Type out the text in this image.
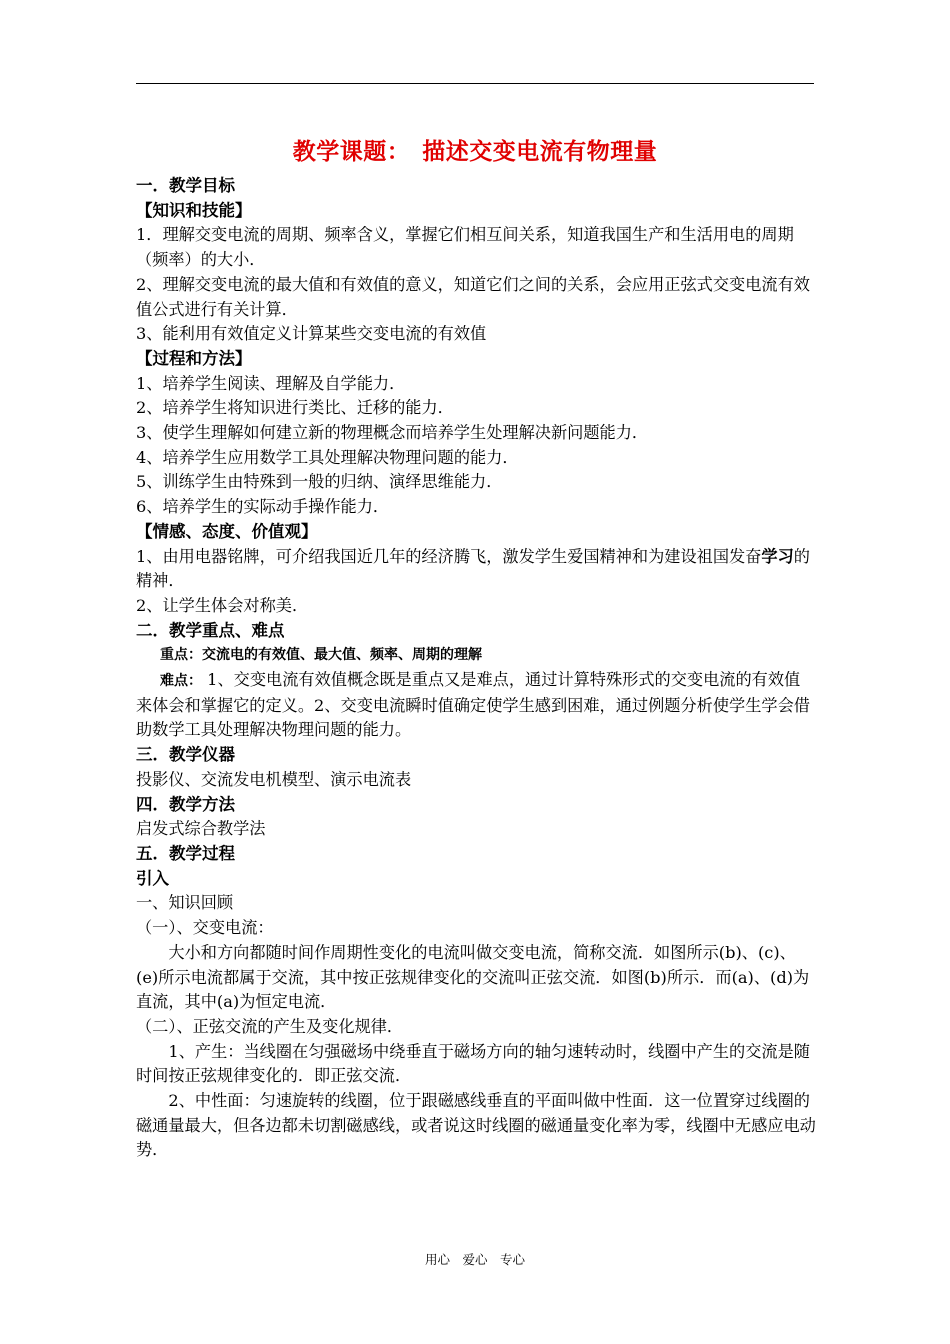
教学课题：　描述交变电流有物理量

一．教学目标

【知识和技能】

1．理解交变电流的周期、频率含义，掌握它们相互间关系，知道我国生产和生活用电的周期（频率）的大小．

2、理解交变电流的最大值和有效值的意义，知道它们之间的关系，会应用正弦式交变电流有效值公式进行有关计算．

3、能利用有效值定义计算某些交变电流的有效值

【过程和方法】

1、培养学生阅读、理解及自学能力．

2、培养学生将知识进行类比、迁移的能力．

3、使学生理解如何建立新的物理概念而培养学生处理解决新问题能力．

4、培养学生应用数学工具处理解决物理问题的能力．

5、训练学生由特殊到一般的归纳、演绎思维能力．

6、培养学生的实际动手操作能力．

【情感、态度、价值观】

1、由用电器铭牌，可介绍我国近几年的经济腾飞，激发学生爱国精神和为建设祖国发奋学习的精神．

2、让学生体会对称美．

二．教学重点、难点

重点：交流电的有效值、最大值、频率、周期的理解

难点： 1、交变电流有效值概念既是重点又是难点，通过计算特殊形式的交变电流的有效值来体会和掌握它的定义。2、交变电流瞬时值确定使学生感到困难，通过例题分析使学生学会借助数学工具处理解决物理问题的能力。

三．教学仪器

投影仪、交流发电机模型、演示电流表

四．教学方法

启发式综合教学法

五．教学过程

引入

一、知识回顾

（一）、交变电流：

大小和方向都随时间作周期性变化的电流叫做交变电流，简称交流．如图所示(b)、(c)、(e)所示电流都属于交流，其中按正弦规律变化的交流叫正弦交流．如图(b)所示．而(a)、(d)为直流，其中(a)为恒定电流．

（二）、正弦交流的产生及变化规律．

1、产生：当线圈在匀强磁场中绕垂直于磁场方向的轴匀速转动时，线圈中产生的交流是随时间按正弦规律变化的．即正弦交流．

2、中性面：匀速旋转的线圈，位于跟磁感线垂直的平面叫做中性面．这一位置穿过线圈的磁通量最大，但各边都未切割磁感线，或者说这时线圈的磁通量变化率为零，线圈中无感应电动势．

用心　爱心　专心
